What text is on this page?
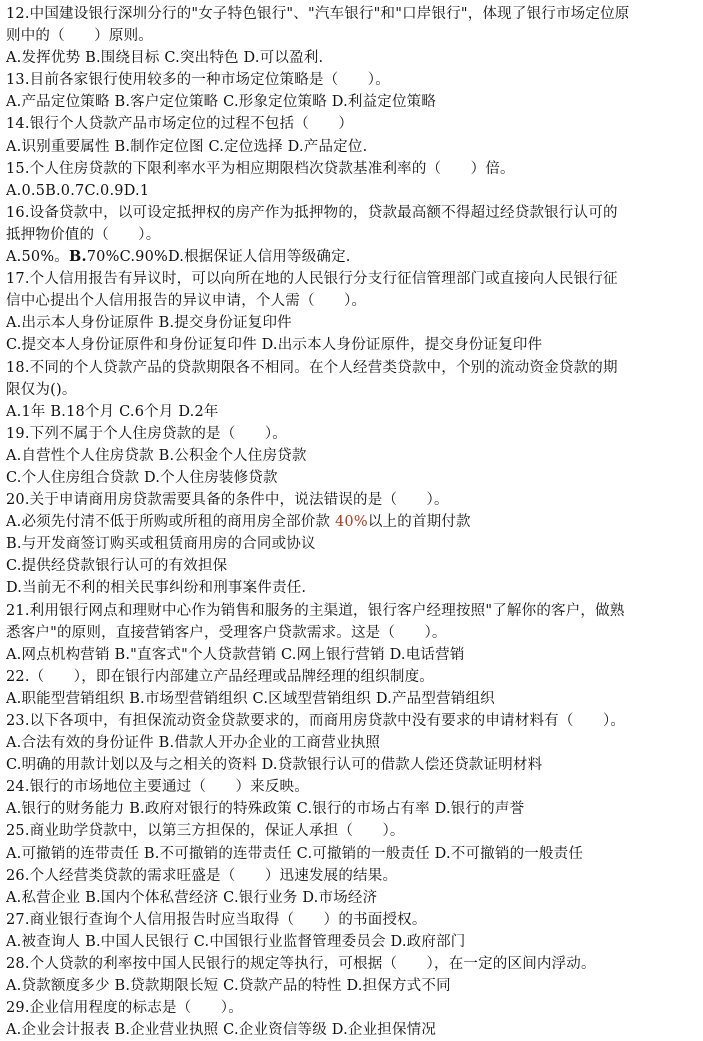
12.中国建设银行深圳分行的"女子特色银行"、"汽车银行"和"口岸银行"，体现了银行市场定位原
则中的（　　）原则。
A.发挥优势 B.围绕目标 C.突出特色 D.可以盈利.
13.目前各家银行使用较多的一种市场定位策略是（　　）。
A.产品定位策略 B.客户定位策略 C.形象定位策略 D.利益定位策略
14.银行个人贷款产品市场定位的过程不包括（　　）
A.识别重要属性 B.制作定位图 C.定位选择 D.产品定位.
15.个人住房贷款的下限利率水平为相应期限档次贷款基准利率的（　　）倍。
A.0.5B.0.7C.0.9D.1
16.设备贷款中，以可设定抵押权的房产作为抵押物的，贷款最高额不得超过经贷款银行认可的
抵押物价值的（　　）。
A.50%。B.70%C.90%D.根据保证人信用等级确定.
17.个人信用报告有异议时，可以向所在地的人民银行分支行征信管理部门或直接向人民银行征
信中心提出个人信用报告的异议申请，个人需（　　）。
A.出示本人身份证原件 B.提交身份证复印件
C.提交本人身份证原件和身份证复印件 D.出示本人身份证原件，提交身份证复印件
18.不同的个人贷款产品的贷款期限各不相同。在个人经营类贷款中，个别的流动资金贷款的期
限仅为()。
A.1年 B.18个月 C.6个月 D.2年
19.下列不属于个人住房贷款的是（　　）。
A.自营性个人住房贷款 B.公积金个人住房贷款
C.个人住房组合贷款 D.个人住房装修贷款
20.关于申请商用房贷款需要具备的条件中，说法错误的是（　　）。
A.必须先付清不低于所购或所租的商用房全部价款 40%以上的首期付款
B.与开发商签订购买或租赁商用房的合同或协议
C.提供经贷款银行认可的有效担保
D.当前无不利的相关民事纠纷和刑事案件责任.
21.利用银行网点和理财中心作为销售和服务的主渠道，银行客户经理按照"了解你的客户，做熟
悉客户"的原则，直接营销客户，受理客户贷款需求。这是（　　）。
A.网点机构营销 B."直客式"个人贷款营销 C.网上银行营销 D.电话营销
22.（　　），即在银行内部建立产品经理或品牌经理的组织制度。
A.职能型营销组织 B.市场型营销组织 C.区域型营销组织 D.产品型营销组织
23.以下各项中，有担保流动资金贷款要求的，而商用房贷款中没有要求的申请材料有（　　）。
A.合法有效的身份证件 B.借款人开办企业的工商营业执照
C.明确的用款计划以及与之相关的资料 D.贷款银行认可的借款人偿还贷款证明材料
24.银行的市场地位主要通过（　　）来反映。
A.银行的财务能力 B.政府对银行的特殊政策 C.银行的市场占有率 D.银行的声誉
25.商业助学贷款中，以第三方担保的，保证人承担（　　）。
A.可撤销的连带责任 B.不可撤销的连带责任 C.可撤销的一般责任 D.不可撤销的一般责任
26.个人经营类贷款的需求旺盛是（　　）迅速发展的结果。
A.私营企业 B.国内个体私营经济 C.银行业务 D.市场经济
27.商业银行查询个人信用报告时应当取得（　　）的书面授权。
A.被查询人 B.中国人民银行 C.中国银行业监督管理委员会 D.政府部门
28.个人贷款的利率按中国人民银行的规定等执行，可根据（　　），在一定的区间内浮动。
A.贷款额度多少 B.贷款期限长短 C.贷款产品的特性 D.担保方式不同
29.企业信用程度的标志是（　　）。
A.企业会计报表 B.企业营业执照 C.企业资信等级 D.企业担保情况
